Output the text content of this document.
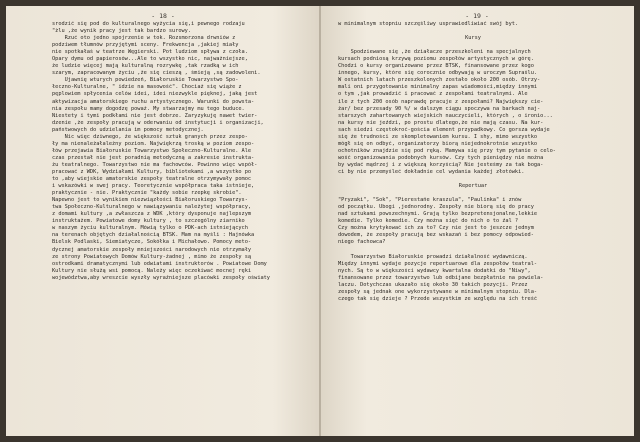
- 18 -
srodzić się pod do kulturalnego wyżycia się,i pewnego rodzaju
"żlu ,że wynik pracy jest tak bardzo surowy.
Rzuć oto jedno spojrzenie w tok. Rozsmorzona drwniów z
podziwem tłumnów przyjętymi sceny. Frekwencja ,jakiej miały
nie spotkałaś w teatrze Węgierski. Pot ludziom spływa z czoła.
Opary dymu od papierosów...Ale to wszystko nic, najważniejsze,
że ludzie więcej mają kulturalną rozrywkę ,tak rzadką w ich
szarym, zapracowanym życiu ,że się cieszą , śmieją ,są zadowoleni.
Ujawnię wturych powiedzeń, Białoruskie Towarzystwo Spo-
łeczno-Kulturalne, " idzie na masowość". Chociaż się wiąże z
pęplowiem spłycenia celów idei, idei niezwykle pięknej, jaką jest
aktywizacja amatorskiego ruchu artystycznego. Warunki do powsta-
nia zespołu mamy dogodzę poważ. My stwarzajmy mu tego buduce.
Niestety i tymi podkłami nie jest dobrze. Zaryzykuję nawet twier-
dzenie ,że zespoły pracują w oderwaniu od instytucji i organizacji,
państwowych do udzielania im pomocy metodycznej.
Nic więc dziwnego, że większość sztuk granych przez zespo-
ły ma nienależałależny poziom. Najwiękrzą troską w poziom zespo-
łów przejawia Białoruskie Towarzystwo Społeczno-Kulturalne. Ale
czas przestał nie jest poradnią metodyczną a zakresie instrukta-
żu teatralnego. Towarzystwo nie ma fachowców. Powinno więc współ-
pracować z WDK, Wydziałami Kultury, bibliotekami ,a wszystko po
to ,aby wiejskie amatorskie zespoły teatralne otrzymywały pomoc
i wskazówki w swej pracy. Teoretycznie współpraca taka istnieje,
praktycznie - nie. Praktycznie "każdy sobie rzepkę skrobie".
Napewno jest to wynikiem niezwiązłości Białoruskiego Towarzys-
twa Społeczno-Kulturalnego w nawiązywaniu należytej współpracy,
z domami kultury ,a zwłaszcza z WDK ,który dysponuje najlepszym
instruktażem. Powiatowe domy kultury , to szczególny ziarniko
w naszym życiu kulturalnym. Mówią tylko o PDK-ach istniejących
na terenach objętych działalnością BTSK. Mam na myśli : Hajnówka
Bielsk Podlaski, Siemiatycze, Sokółka i Michałowo. Pomocy meto-
dycznej amatorskie zespoły mniejszości narodowych nie otrzymały
ze strony Powiatowych Domów Kultury-żadnej , mimo że zespoły są
ostrodkami dramatycznymi lub odwiatami instruktorów . Powiatowe Domy
Kultury nie służą wsi pomocą. Należy więc oczekiwać mocnej ręki
województwa,aby wreszcie wyszły wyraźniejsze placówki zespoły oświaty
- 19 -
w minimalnym stopniu szczęśliwy usprawiedliwiać swój byt.
Kursy
Spodziewane się ,że działacze przeszkoleni na specjalnych
kursach podniosą krzywą poziomu zespołów artystycznych w górę.
Chodzi o kursy organizowane przez BTSK, finansowane przez kogo
innego, kursy, które się corocznie odbywają w uroczym Supraślu.
W ostatnich latach przeszkolonych zostało około 200 osób. Otrzy-
mali oni przygotowanie minimalny zapas wiadomości,między innymi
o tym ,jak prowadzić i pracować z zespołami teatralnymi. Ale
ile z tych 200 osób naprawdę pracuje z zespołami? Największy cie-
żar/ bez przesady 90 %/ w dalszym ciągu spoczywa na barkach naj-
starszych zahartowanych wiejskich nauczycieli, których , o ironio...
na kursy nie jeździ, po prostu dlatego,że nie mają czasu. Na kur-
sach siedzi częstokroć-gościa element przypadkowy. Co gorsza wydaje
się że trudności ze skompletowaniem kursu. I shy, mimo wszystko
mógł się on odbyć, organizatorzy biorą niejednokrotnie wszystko
ochotników znajdzie się pod ręką. Mamywa się przy tym pytanie o celo-
wość organizowania podobnych kursów. Czy tych pieniędzy nie można
by wydać mądrzej i z większą korzyścią? Nie jesteśmy za tak boga-
ci by nie przemyśleć dokładnie cel wydania każdej złotówki.
Repertuar
"Pryzaki", "Sok", "Pierestańe kraszula", "Paulinka" i znów
od początku. Ubogi ,jednorodny. Zespoły nie biorą się do pracy
nad sztukami powszechnymi. Grają tylko bezpretensjonalne,lekkie
komedie. Tylko komedie. Czy można sięć do nich o to źal ?
Czy można krytykować ich za to? Czy nie jest to jeszcze jednym
dowodem, że zespoły pracują bez wskazań i bez pomocy odpowied-
niego fachowca?
Towarzystwo Białoruskie prowadzi działalność wydawniczą.
Między innymi wydaje pozycje repertuarowe dla zespołów teatral-
nych. Są to w większości wydawcy kwartalna dodatki do "Niwy",
finansowane przez towarzystwo lub odbijane bezpłatnie na powiela-
laczu. Dotychczas ukazało się około 30 takich pozycji. Przez
zespoły są jednak one wykorzystywane w minimalnym stopniu. Dla-
czego tak się dzieje ? Przede wszystkim ze względu na ich treść
